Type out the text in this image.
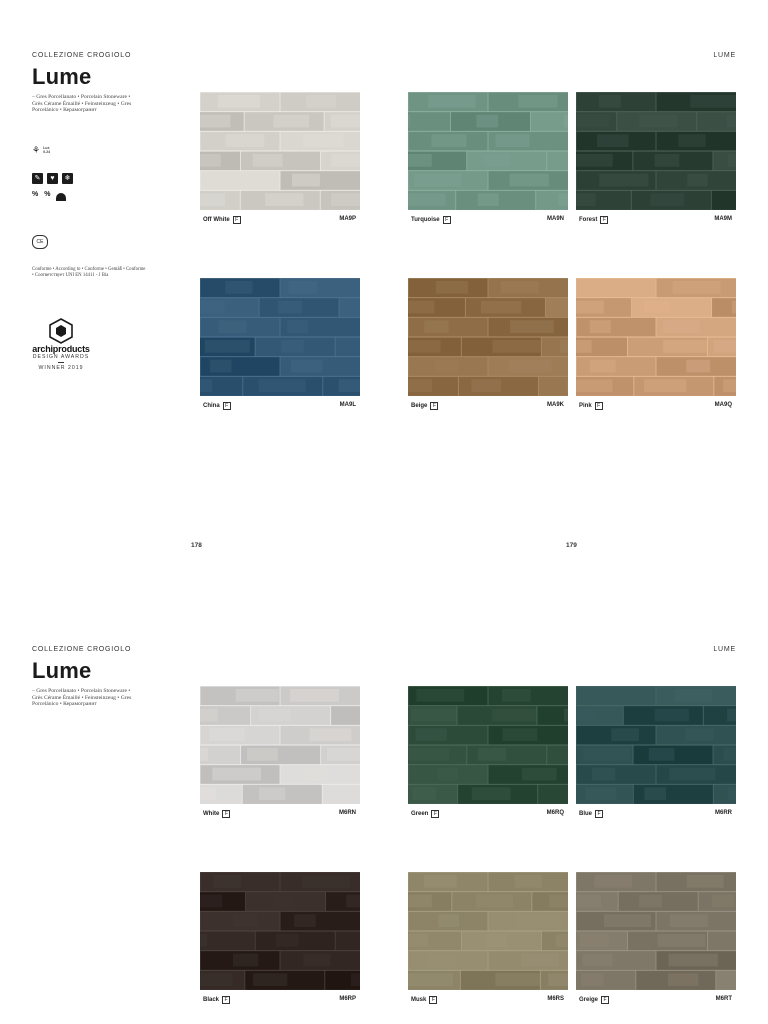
COLLEZIONE CROGIOLO	LUME
Lume
– Gres Porcellanato • Porcelain Stoneware • Grès Cérame Émaillé • Feinsteinzeug • Gres Porcelánico • Керамогранит
⚘ Lux
0.24
✎	♥	❄
% %
CE
Conforme • According to • Conforme • Gemäß • Conforme • Соответствует UNI EN 14411 - J Bia
archiproducts
DESIGN AWARDS
WINNER 2019
178	179
Off White F	MA9P	Turquoise F	MA9N	Forest F	MA9M
China F	MA9L	Beige F	MA9K	Pink F	MA9Q
COLLEZIONE CROGIOLO	LUME
Lume
– Gres Porcellanato • Porcelain Stoneware • Grès Cérame Émaillé • Feinsteinzeug • Gres Porcelánico • Керамогранит
White F	M6RN	Green F	M6RQ	Blue F	M6RR
Black F	M6RP	Musk F	M6RS	Greige F	M6RT
